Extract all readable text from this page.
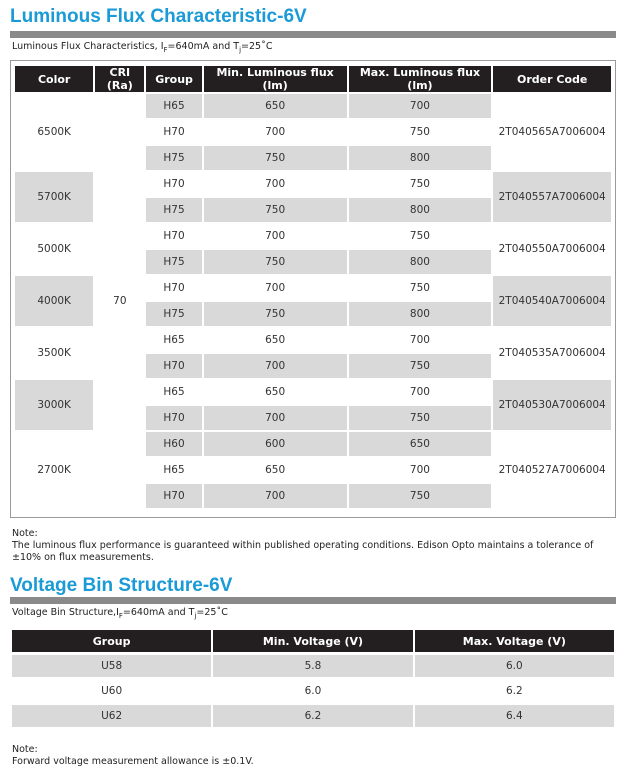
Luminous Flux Characteristic-6V
Luminous Flux Characteristics, $I_F=640mA$ and $T_j=25˚C$
Color	CRI (Ra)	Group	Min. Luminous flux (lm)	Max. Luminous flux (lm)	Order Code
6500K	70	H65	650	700	2T040565A7006004
		H70	700	750	
		H75	750	800	
5700K		H70	700	750	2T040557A7006004
		H75	750	800	
5000K		H70	700	750	2T040550A7006004
		H75	750	800	
4000K		H70	700	750	2T040540A7006004
		H75	750	800	
3500K		H65	650	700	2T040535A7006004
		H70	700	750	
3000K		H65	650	700	2T040530A7006004
		H70	700	750	
2700K		H60	600	650	2T040527A7006004
		H65	650	700	
		H70	700	750	
Note:
The luminous flux performance is guaranteed within published operating conditions. Edison Opto maintains a tolerance of ±10% on flux measurements.
Voltage Bin Structure-6V
Voltage Bin $Structure,I_F=640mA$ and $T_j=25˚C$
Group	Min. Voltage (V)	Max. Voltage (V)
U58	5.8	6.0
U60	6.0	6.2
U62	6.2	6.4
Note:
Forward voltage measurement allowance is ±0.1V.
